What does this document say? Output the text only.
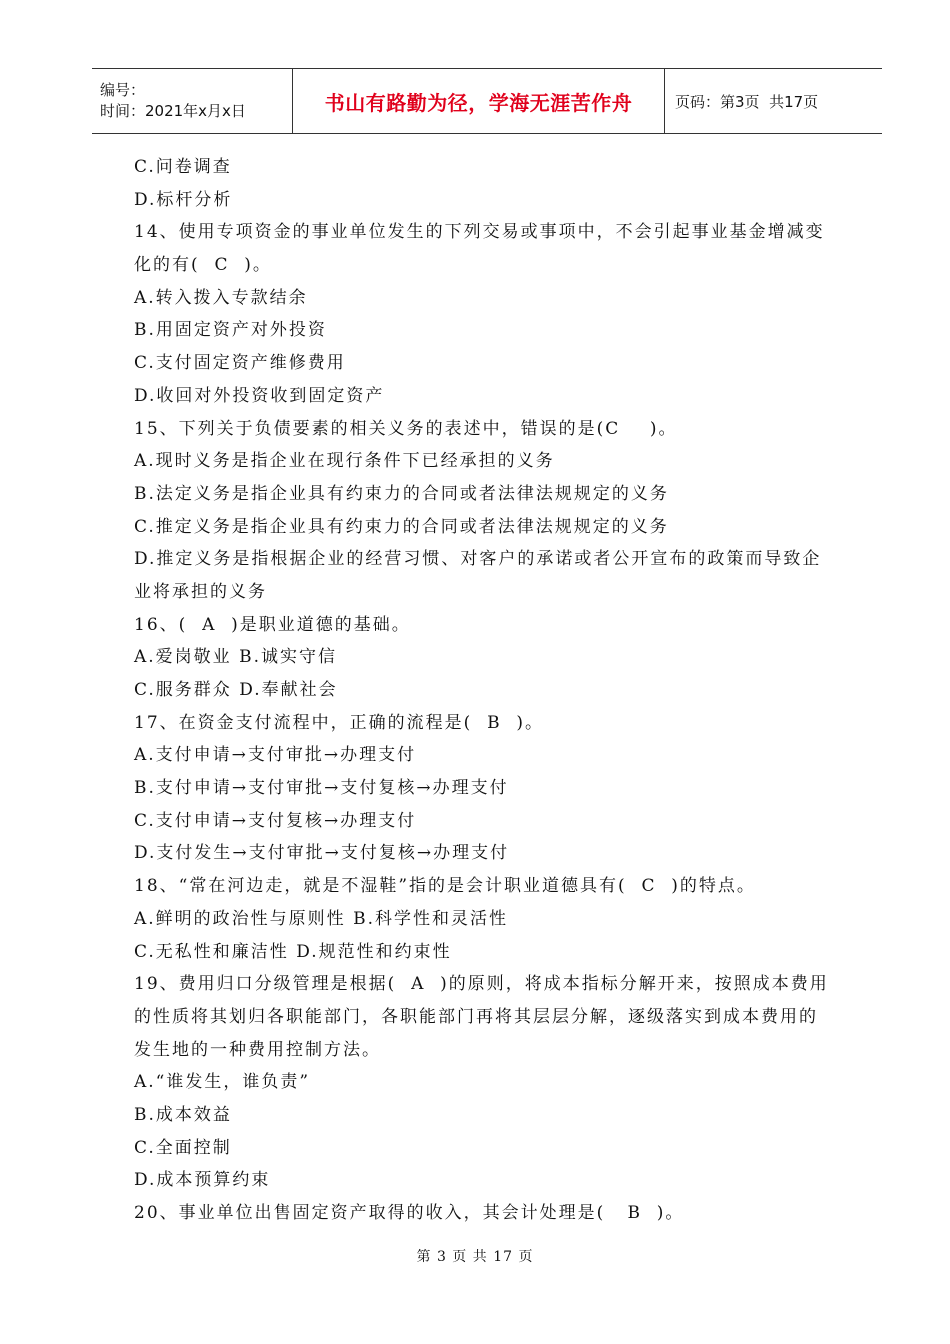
编号：
时间：2021年x月x日	书山有路勤为径，学海无涯苦作舟	页码：第3页  共17页
C.问卷调查
D.标杆分析
14、使用专项资金的事业单位发生的下列交易或事项中，不会引起事业基金增减变
化的有(  C  )。
A.转入拨入专款结余
B.用固定资产对外投资
C.支付固定资产维修费用
D.收回对外投资收到固定资产
15、下列关于负债要素的相关义务的表述中，错误的是(C    )。
A.现时义务是指企业在现行条件下已经承担的义务
B.法定义务是指企业具有约束力的合同或者法律法规规定的义务
C.推定义务是指企业具有约束力的合同或者法律法规规定的义务
D.推定义务是指根据企业的经营习惯、对客户的承诺或者公开宣布的政策而导致企
业将承担的义务
16、(  A  )是职业道德的基础。
A.爱岗敬业 B.诚实守信
C.服务群众 D.奉献社会
17、在资金支付流程中，正确的流程是(  B  )。
A.支付申请→支付审批→办理支付
B.支付申请→支付审批→支付复核→办理支付
C.支付申请→支付复核→办理支付
D.支付发生→支付审批→支付复核→办理支付
18、“常在河边走，就是不湿鞋”指的是会计职业道德具有(  C  )的特点。
A.鲜明的政治性与原则性 B.科学性和灵活性
C.无私性和廉洁性 D.规范性和约束性
19、费用归口分级管理是根据(  A  )的原则，将成本指标分解开来，按照成本费用
的性质将其划归各职能部门，各职能部门再将其层层分解，逐级落实到成本费用的
发生地的一种费用控制方法。
A.“谁发生，谁负责”
B.成本效益
C.全面控制
D.成本预算约束
20、事业单位出售固定资产取得的收入，其会计处理是(   B  )。
第 3 页 共 17 页
